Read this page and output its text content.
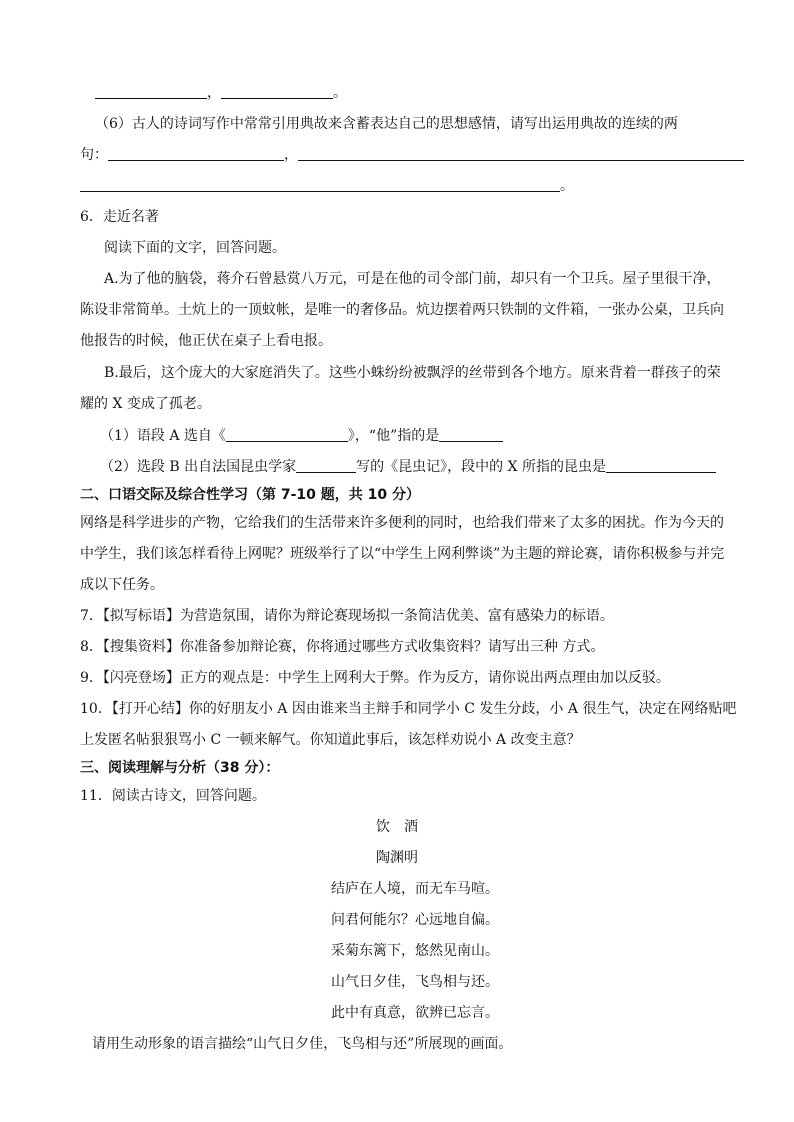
，	。
（6）古人的诗词写作中常常引用典故来含蓄表达自己的思想感情，请写出运用典故的连续的两
句：	，
。
6．走近名著
阅读下面的文字，回答问题。
A.为了他的脑袋，蒋介石曾悬赏八万元，可是在他的司令部门前，却只有一个卫兵。屋子里很干净，
陈设非常简单。土炕上的一顶蚊帐，是唯一的奢侈品。炕边摆着两只铁制的文件箱，一张办公桌，卫兵向
他报告的时候，他正伏在桌子上看电报。
B.最后，这个庞大的大家庭消失了。这些小蛛纷纷被飘浮的丝带到各个地方。原来背着一群孩子的荣
耀的 X 变成了孤老。
（1）语段 A 选自《	》，“他”指的是
（2）选段 B 出自法国昆虫学家	写的《昆虫记》，段中的 X 所指的昆虫是
二、口语交际及综合性学习（第 7-10 题，共 10 分）
网络是科学进步的产物，它给我们的生活带来许多便利的同时，也给我们带来了太多的困扰。作为今天的
中学生，我们该怎样看待上网呢？班级举行了以“中学生上网利弊谈”为主题的辩论赛，请你积极参与并完
成以下任务。
7．【拟写标语】为营造氛围，请你为辩论赛现场拟一条简洁优美、富有感染力的标语。
8．【搜集资料】你准备参加辩论赛，你将通过哪些方式收集资料？请写出三种 方式。
9．【闪亮登场】正方的观点是：中学生上网利大于弊。作为反方，请你说出两点理由加以反驳。
10．【打开心结】你的好朋友小 A 因由谁来当主辩手和同学小 C 发生分歧，小 A 很生气，决定在网络贴吧
上发匿名帖狠狠骂小 C 一顿来解气。你知道此事后，该怎样劝说小 A 改变主意？
三、阅读理解与分析（38 分）：
11．阅读古诗文，回答问题。
饮　酒
陶渊明
结庐在人境，而无车马喧。
问君何能尔？心远地自偏。
采菊东篱下，悠然见南山。
山气日夕佳，飞鸟相与还。
此中有真意，欲辨已忘言。
请用生动形象的语言描绘“山气日夕佳，飞鸟相与还”所展现的画面。
